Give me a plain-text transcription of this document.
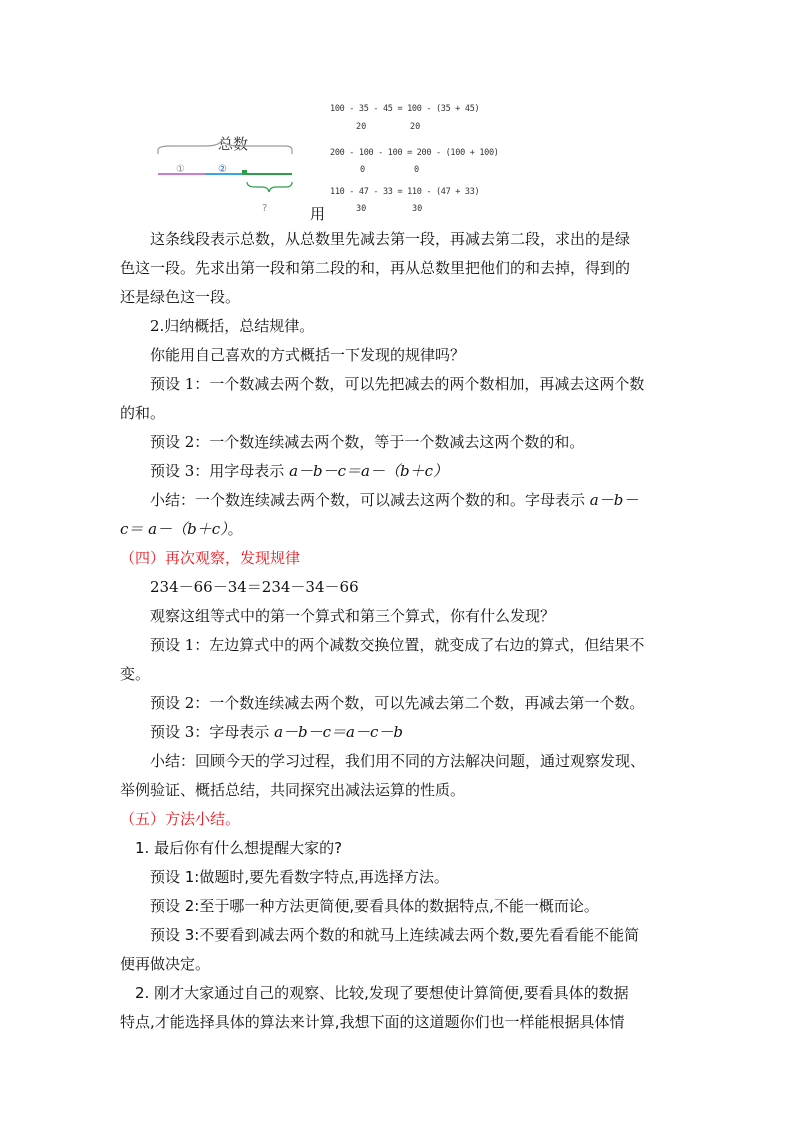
总数
①	②
?	用
100 - 35 - 45 = 100 - (35 + 45)
20	20
200 - 100 - 100 = 200 - (100 + 100)
0	0
110 - 47 - 33 = 110 - (47 + 33)
30	30
这条线段表示总数，从总数里先减去第一段，再减去第二段，求出的是绿
色这一段。先求出第一段和第二段的和，再从总数里把他们的和去掉，得到的
还是绿色这一段。
2.归纳概括，总结规律。
你能用自己喜欢的方式概括一下发现的规律吗？
预设 1：一个数减去两个数，可以先把减去的两个数相加，再减去这两个数
的和。
预设 2：一个数连续减去两个数，等于一个数减去这两个数的和。
预设 3：用字母表示 a－b－c＝a－（b＋c）
小结：一个数连续减去两个数，可以减去这两个数的和。字母表示 a－b－
c＝ a－（b＋c）。
（四）再次观察，发现规律
234－66－34＝234－34－66
观察这组等式中的第一个算式和第三个算式，你有什么发现？
预设 1：左边算式中的两个减数交换位置，就变成了右边的算式，但结果不
变。
预设 2：一个数连续减去两个数，可以先减去第二个数，再减去第一个数。
预设 3：字母表示 a－b－c＝a－c－b
小结：回顾今天的学习过程，我们用不同的方法解决问题，通过观察发现、
举例验证、概括总结，共同探究出减法运算的性质。
（五）方法小结。
1. 最后你有什么想提醒大家的?
预设 1:做题时,要先看数字特点,再选择方法。
预设 2:至于哪一种方法更简便,要看具体的数据特点,不能一概而论。
预设 3:不要看到减去两个数的和就马上连续减去两个数,要先看看能不能简
便再做决定。
2. 刚才大家通过自己的观察、比较,发现了要想使计算简便,要看具体的数据
特点,才能选择具体的算法来计算,我想下面的这道题你们也一样能根据具体情
